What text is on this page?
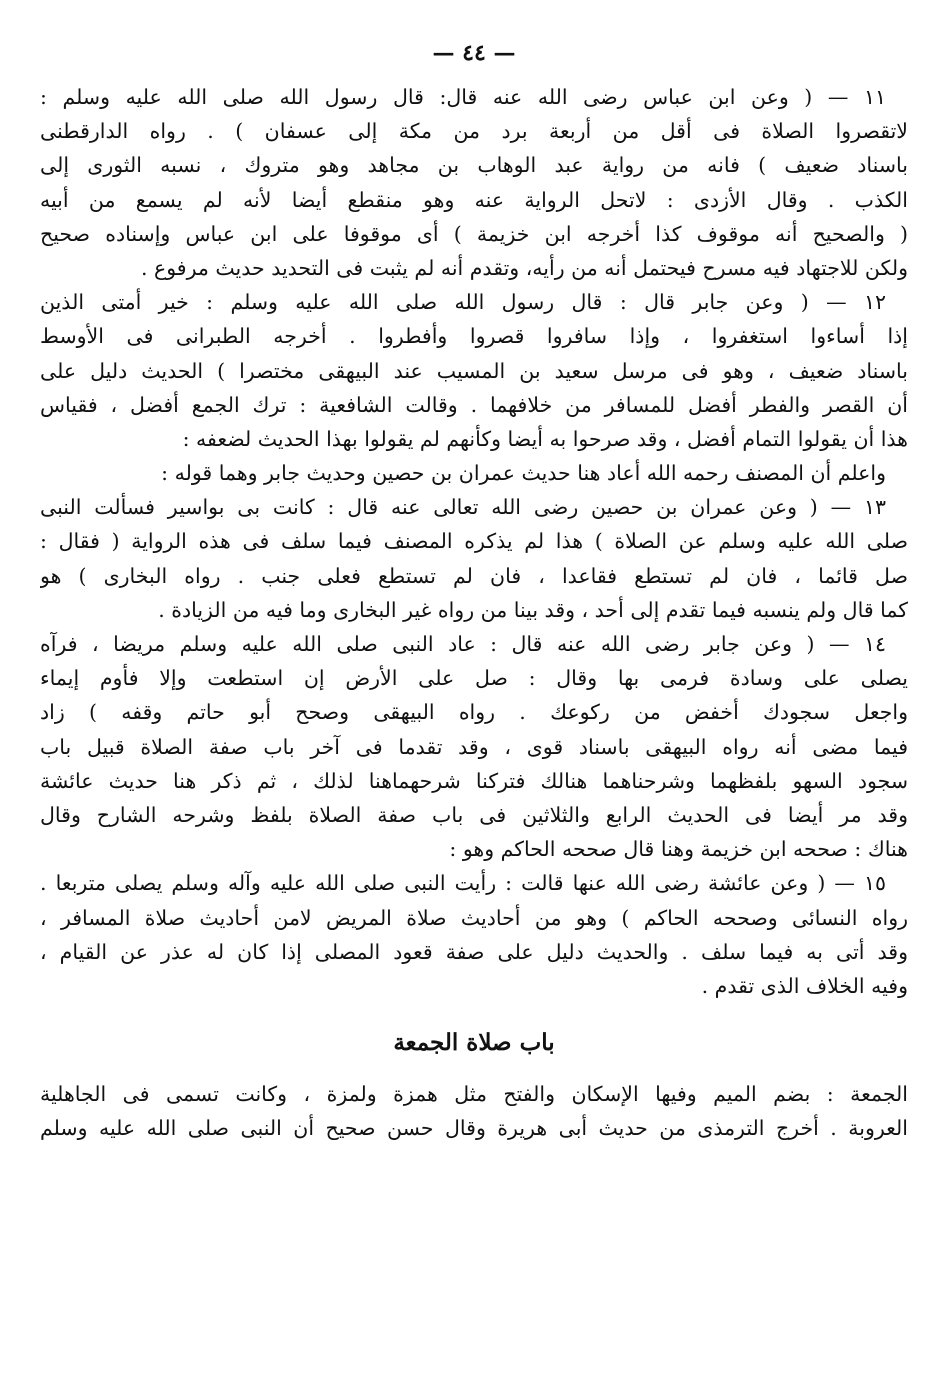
— ٤٤ —
١١ — ( وعن ابن عباس رضى الله عنه قال: قال رسول الله صلى الله عليه وسلم :
لاتقصروا الصلاة فى أقل من أربعة برد من مكة إلى عسفان ) . رواه الدارقطنى
باسناد ضعيف ) فانه من رواية عبد الوهاب بن مجاهد وهو متروك ، نسبه الثورى إلى
الكذب . وقال الأزدى : لاتحل الرواية عنه وهو منقطع أيضا لأنه لم يسمع من أبيه
( والصحيح أنه موقوف كذا أخرجه ابن خزيمة ) أى موقوفا على ابن عباس وإسناده صحيح
ولكن للاجتهاد فيه مسرح فيحتمل أنه من رأيه، وتقدم أنه لم يثبت فى التحديد حديث مرفوع .
١٢ — ( وعن جابر قال : قال رسول الله صلى الله عليه وسلم : خير أمتى الذين
إذا أساءوا استغفروا ، وإذا سافروا قصروا وأفطروا . أخرجه الطبرانى فى الأوسط
باسناد ضعيف ، وهو فى مرسل سعيد بن المسيب عند البيهقى مختصرا ) الحديث دليل على
أن القصر والفطر أفضل للمسافر من خلافهما . وقالت الشافعية : ترك الجمع أفضل ، فقياس
هذا أن يقولوا التمام أفضل ، وقد صرحوا به أيضا وكأنهم لم يقولوا بهذا الحديث لضعفه :
واعلم أن المصنف رحمه الله أعاد هنا حديث عمران بن حصين وحديث جابر وهما قوله :
١٣ — ( وعن عمران بن حصين رضى الله تعالى عنه قال : كانت بى بواسير فسألت النبى
صلى الله عليه وسلم عن الصلاة ) هذا لم يذكره المصنف فيما سلف فى هذه الرواية ( فقال :
صل قائما ، فان لم تستطع فقاعدا ، فان لم تستطع فعلى جنب . رواه البخارى ) هو
كما قال ولم ينسبه فيما تقدم إلى أحد ، وقد بينا من رواه غير البخارى وما فيه من الزيادة .
١٤ — ( وعن جابر رضى الله عنه قال : عاد النبى صلى الله عليه وسلم مريضا ، فرآه
يصلى على وسادة فرمى بها وقال : صل على الأرض إن استطعت وإلا فأوم إيماء
واجعل سجودك أخفض من ركوعك . رواه البيهقى وصحح أبو حاتم وقفه ) زاد
فيما مضى أنه رواه البيهقى باسناد قوى ، وقد تقدما فى آخر باب صفة الصلاة قبيل باب
سجود السهو بلفظهما وشرحناهما هنالك فتركنا شرحهماهنا لذلك ، ثم ذكر هنا حديث عائشة
وقد مر أيضا فى الحديث الرابع والثلاثين فى باب صفة الصلاة بلفظ وشرحه الشارح وقال
هناك : صححه ابن خزيمة وهنا قال صححه الحاكم وهو :
١٥ — ( وعن عائشة رضى الله عنها قالت : رأيت النبى صلى الله عليه وآله وسلم يصلى متربعا .
رواه النسائى وصححه الحاكم ) وهو من أحاديث صلاة المريض لامن أحاديث صلاة المسافر ،
وقد أتى به فيما سلف . والحديث دليل على صفة قعود المصلى إذا كان له عذر عن القيام ،
وفيه الخلاف الذى تقدم .
باب صلاة الجمعة
الجمعة : بضم الميم وفيها الإسكان والفتح مثل همزة ولمزة ، وكانت تسمى فى الجاهلية
العروبة . أخرج الترمذى من حديث أبى هريرة وقال حسن صحيح أن النبى صلى الله عليه وسلم
